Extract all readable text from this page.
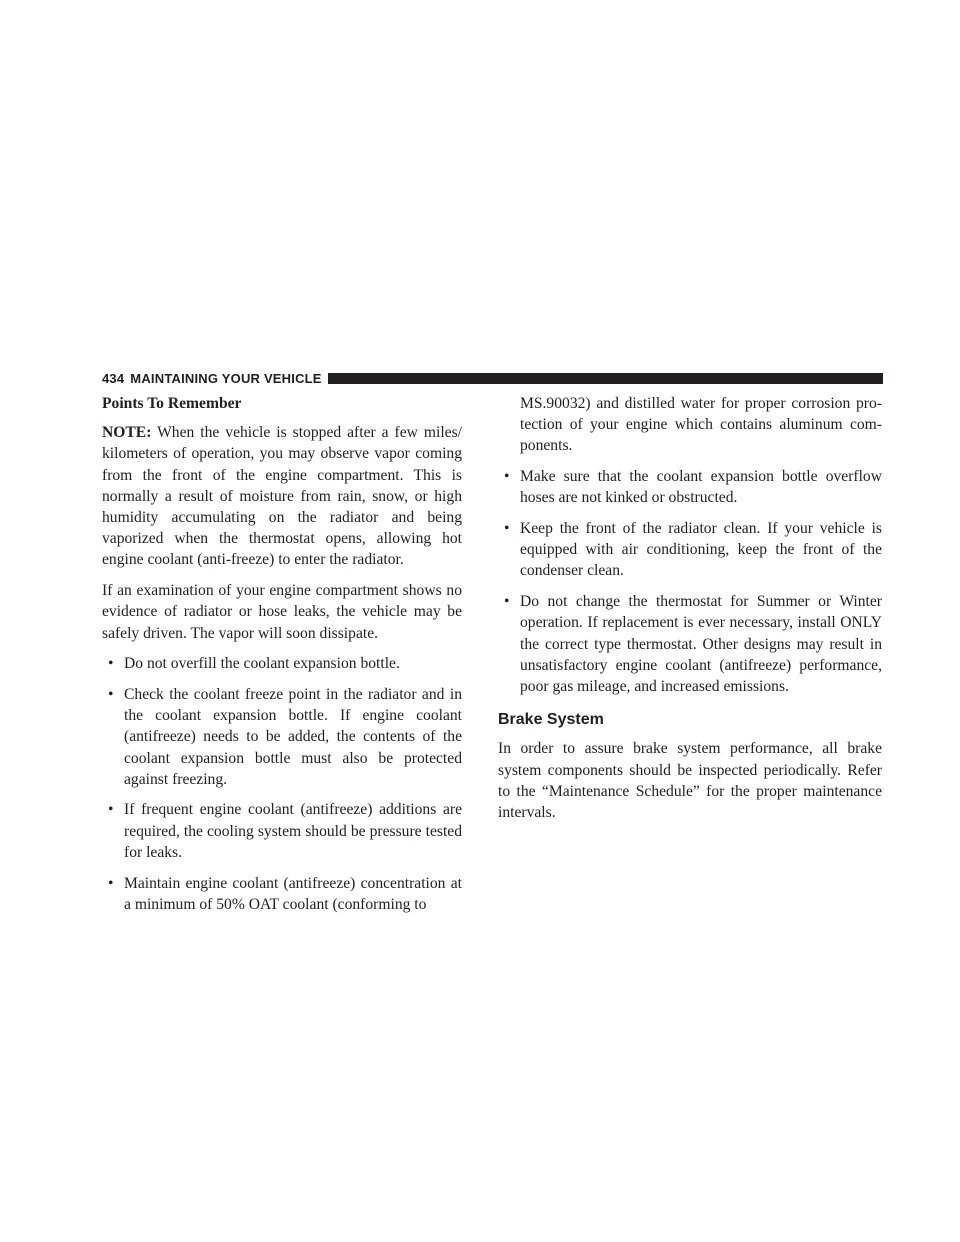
434 MAINTAINING YOUR VEHICLE
Points To Remember

NOTE: When the vehicle is stopped after a few miles/ kilometers of operation, you may observe vapor coming from the front of the engine compartment. This is normally a result of moisture from rain, snow, or high humidity accumulating on the radiator and being vaporized when the thermostat opens, allowing hot engine coolant (anti-freeze) to enter the radiator.

If an examination of your engine compartment shows no evidence of radiator or hose leaks, the vehicle may be safely driven. The vapor will soon dissipate.

• Do not overfill the coolant expansion bottle.
• Check the coolant freeze point in the radiator and in the coolant expansion bottle. If engine coolant (antifreeze) needs to be added, the contents of the coolant expansion bottle must also be protected against freezing.
• If frequent engine coolant (antifreeze) additions are required, the cooling system should be pressure tested for leaks.
• Maintain engine coolant (antifreeze) concentration at a minimum of 50% OAT coolant (conforming to
MS.90032) and distilled water for proper corrosion pro-tection of your engine which contains aluminum com-ponents.
• Make sure that the coolant expansion bottle overflow hoses are not kinked or obstructed.
• Keep the front of the radiator clean. If your vehicle is equipped with air conditioning, keep the front of the condenser clean.
• Do not change the thermostat for Summer or Winter operation. If replacement is ever necessary, install ONLY the correct type thermostat. Other designs may result in unsatisfactory engine coolant (antifreeze) performance, poor gas mileage, and increased emissions.
Brake System

In order to assure brake system performance, all brake system components should be inspected periodically. Refer to the “Maintenance Schedule” for the proper maintenance intervals.
